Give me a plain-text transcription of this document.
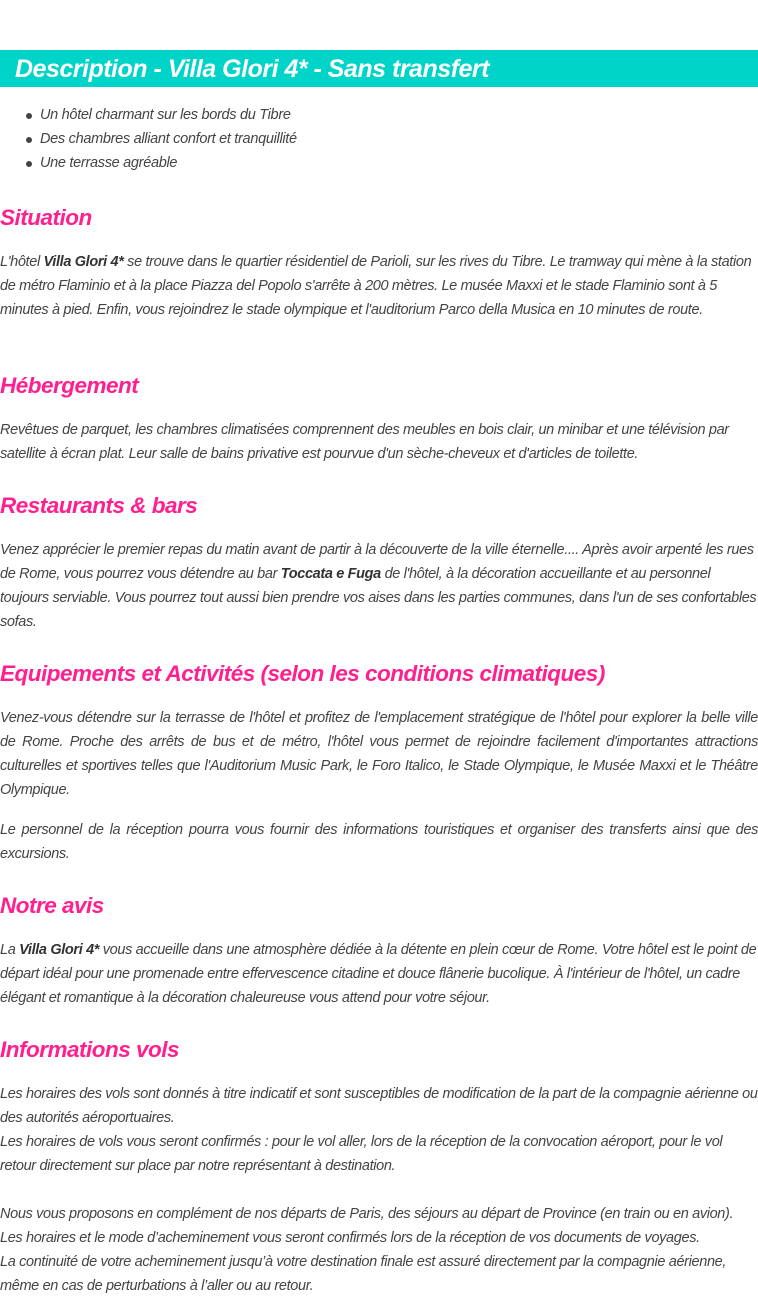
Description - Villa Glori 4* - Sans transfert
Un hôtel charmant sur les bords du Tibre
Des chambres alliant confort et tranquillité
Une terrasse agréable
Situation

L'hôtel Villa Glori 4* se trouve dans le quartier résidentiel de Parioli, sur les rives du Tibre. Le tramway qui mène à la station de métro Flaminio et à la place Piazza del Popolo s'arrête à 200 mètres. Le musée Maxxi et le stade Flaminio sont à 5 minutes à pied. Enfin, vous rejoindrez le stade olympique et l'auditorium Parco della Musica en 10 minutes de route.

Hébergement

Revêtues de parquet, les chambres climatisées comprennent des meubles en bois clair, un minibar et une télévision par satellite à écran plat. Leur salle de bains privative est pourvue d'un sèche-cheveux et d'articles de toilette.

Restaurants & bars

Venez apprécier le premier repas du matin avant de partir à la découverte de la ville éternelle.... Après avoir arpenté les rues de Rome, vous pourrez vous détendre au bar Toccata e Fuga de l'hôtel, à la décoration accueillante et au personnel toujours serviable. Vous pourrez tout aussi bien prendre vos aises dans les parties communes, dans l'un de ses confortables sofas.

Equipements et Activités (selon les conditions climatiques)

Venez-vous détendre sur la terrasse de l'hôtel et profitez de l'emplacement stratégique de l'hôtel pour explorer la belle ville de Rome. Proche des arrêts de bus et de métro, l'hôtel vous permet de rejoindre facilement d'importantes attractions culturelles et sportives telles que l'Auditorium Music Park, le Foro Italico, le Stade Olympique, le Musée Maxxi et le Théâtre Olympique.

Le personnel de la réception pourra vous fournir des informations touristiques et organiser des transferts ainsi que des excursions.

Notre avis

La Villa Glori 4* vous accueille dans une atmosphère dédiée à la détente en plein cœur de Rome. Votre hôtel est le point de départ idéal pour une promenade entre effervescence citadine et douce flânerie bucolique. À l'intérieur de l'hôtel, un cadre élégant et romantique à la décoration chaleureuse vous attend pour votre séjour.

Informations vols

Les horaires des vols sont donnés à titre indicatif et sont susceptibles de modification de la part de la compagnie aérienne ou des autorités aéroportuaires.
Les horaires de vols vous seront confirmés : pour le vol aller, lors de la réception de la convocation aéroport, pour le vol retour directement sur place par notre représentant à destination.

Nous vous proposons en complément de nos départs de Paris, des séjours au départ de Province (en train ou en avion).
Les horaires et le mode d’acheminement vous seront confirmés lors de la réception de vos documents de voyages.
La continuité de votre acheminement jusqu’à votre destination finale est assuré directement par la compagnie aérienne, même en cas de perturbations à l’aller ou au retour.
